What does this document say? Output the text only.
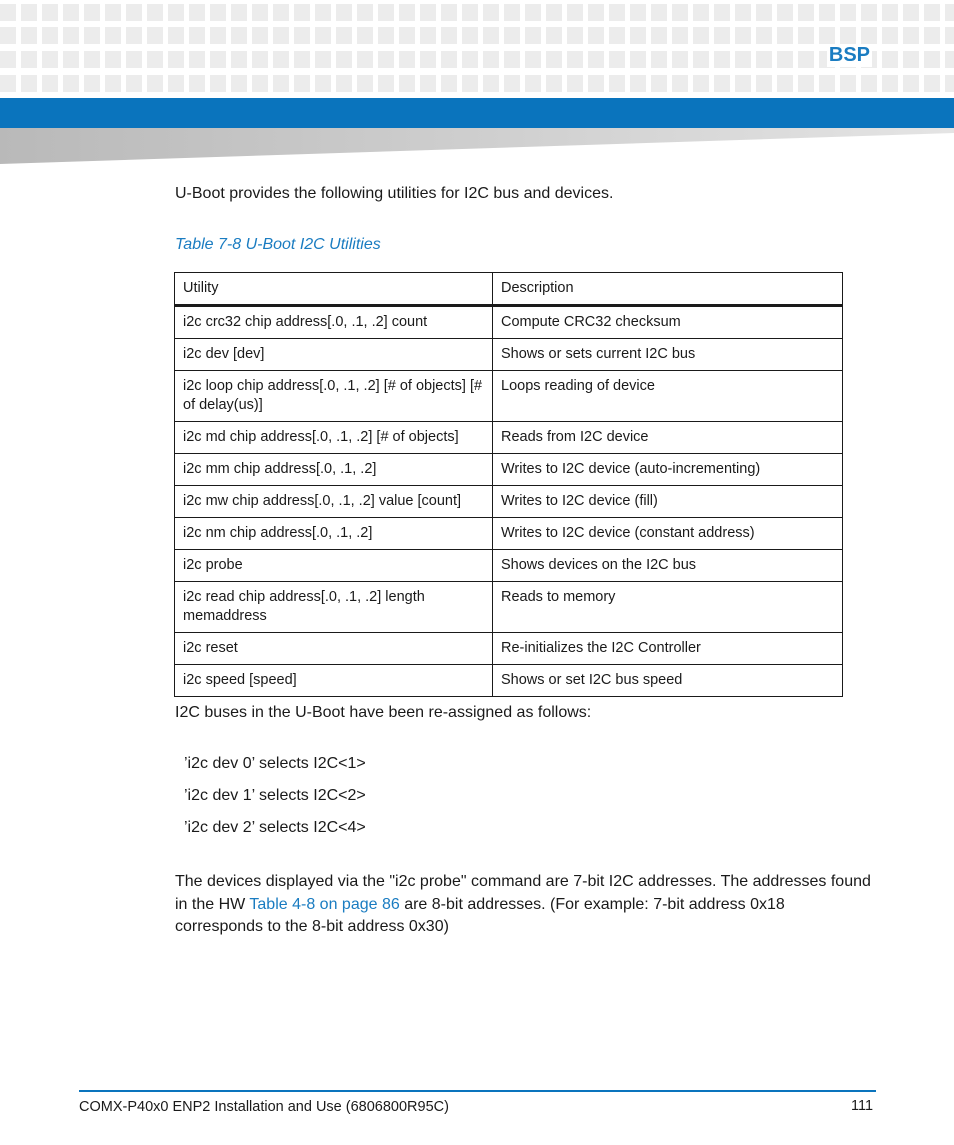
BSP
U-Boot provides the following utilities for I2C bus and devices.
Table 7-8 U-Boot I2C Utilities
Utility	Description
i2c crc32 chip address[.0, .1, .2] count	Compute CRC32 checksum
i2c dev [dev]	Shows or sets current I2C bus
i2c loop chip address[.0, .1, .2] [# of objects] [# of delay(us)]	Loops reading of device
i2c md chip address[.0, .1, .2] [# of objects]	Reads from I2C device
i2c mm chip address[.0, .1, .2]	Writes to I2C device (auto-incrementing)
i2c mw chip address[.0, .1, .2] value [count]	Writes to I2C device (fill)
i2c nm chip address[.0, .1, .2]	Writes to I2C device (constant address)
i2c probe	Shows devices on the I2C bus
i2c read chip address[.0, .1, .2] length memaddress	Reads to memory
i2c reset	Re-initializes the I2C Controller
i2c speed [speed]	Shows or set I2C bus speed
I2C buses in the U-Boot have been re-assigned as follows:
’i2c dev 0’ selects I2C<1>
’i2c dev 1’ selects I2C<2>
’i2c dev 2’ selects I2C<4>
The devices displayed via the "i2c probe" command are 7-bit I2C addresses. The addresses found in the HW Table 4-8 on page 86 are 8-bit addresses. (For example: 7-bit address 0x18 corresponds to the 8-bit address 0x30)
COMX-P40x0 ENP2 Installation and Use (6806800R95C)	111
